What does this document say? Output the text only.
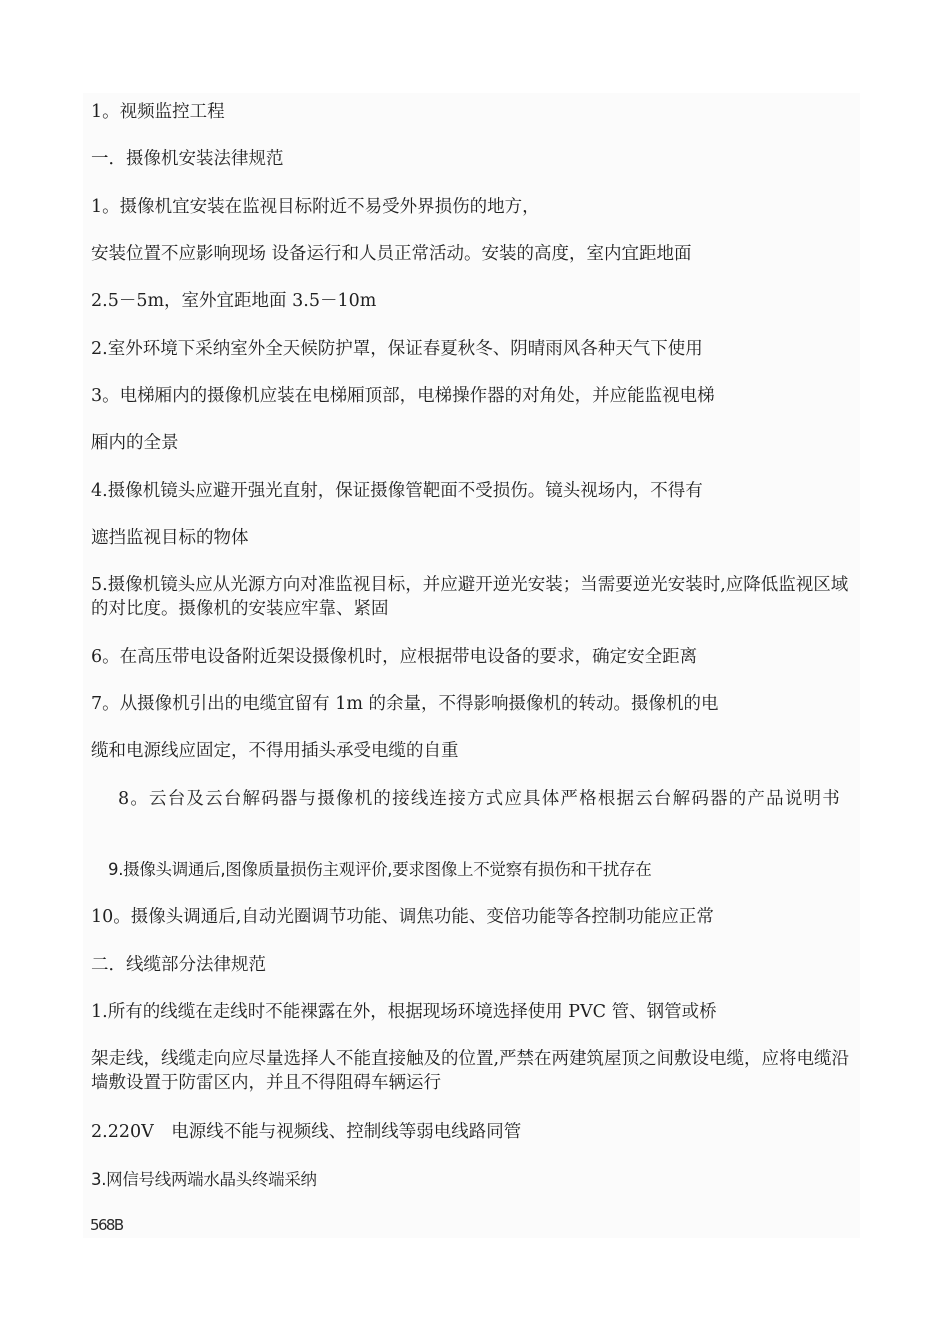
1。视频监控工程

一．摄像机安装法律规范

1。摄像机宜安装在监视目标附近不易受外界损伤的地方，

安装位置不应影响现场 设备运行和人员正常活动。安装的高度，室内宜距地面

2.5－5m，室外宜距地面 3.5－10m

2.室外环境下采纳室外全天候防护罩，保证春夏秋冬、阴晴雨风各种天气下使用

3。电梯厢内的摄像机应装在电梯厢顶部，电梯操作器的对角处，并应能监视电梯

厢内的全景

4.摄像机镜头应避开强光直射，保证摄像管靶面不受损伤。镜头视场内，不得有

遮挡监视目标的物体

5.摄像机镜头应从光源方向对准监视目标，并应避开逆光安装；当需要逆光安装时,应降低监视区域的对比度。摄像机的安装应牢靠、紧固

6。在高压带电设备附近架设摄像机时，应根据带电设备的要求，确定安全距离

7。从摄像机引出的电缆宜留有 1m 的余量，不得影响摄像机的转动。摄像机的电

缆和电源线应固定，不得用插头承受电缆的自重

8。云台及云台解码器与摄像机的接线连接方式应具体严格根据云台解码器的产品说明书

9.摄像头调通后,图像质量损伤主观评价,要求图像上不觉察有损伤和干扰存在

10。摄像头调通后,自动光圈调节功能、调焦功能、变倍功能等各控制功能应正常

二．线缆部分法律规范

1.所有的线缆在走线时不能裸露在外，根据现场环境选择使用 PVC 管、钢管或桥

架走线，线缆走向应尽量选择人不能直接触及的位置,严禁在两建筑屋顶之间敷设电缆，应将电缆沿墙敷设置于防雷区内，并且不得阻碍车辆运行

2.220V　电源线不能与视频线、控制线等弱电线路同管

3.网信号线两端水晶头终端采纳

568B
